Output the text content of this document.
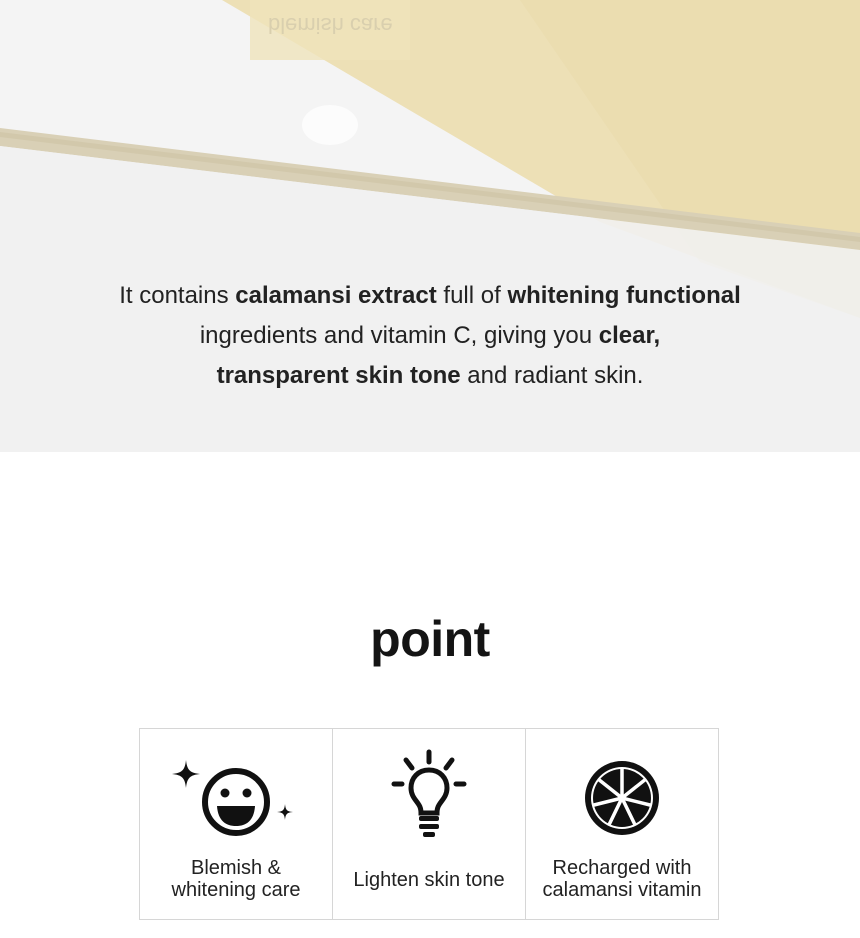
blemish care
It contains calamansi extract full of whitening functional
ingredients and vitamin C, giving you clear,
transparent skin tone and radiant skin.
point
Blemish &
whitening care	Lighten skin tone
Recharged with
calamansi vitamin
